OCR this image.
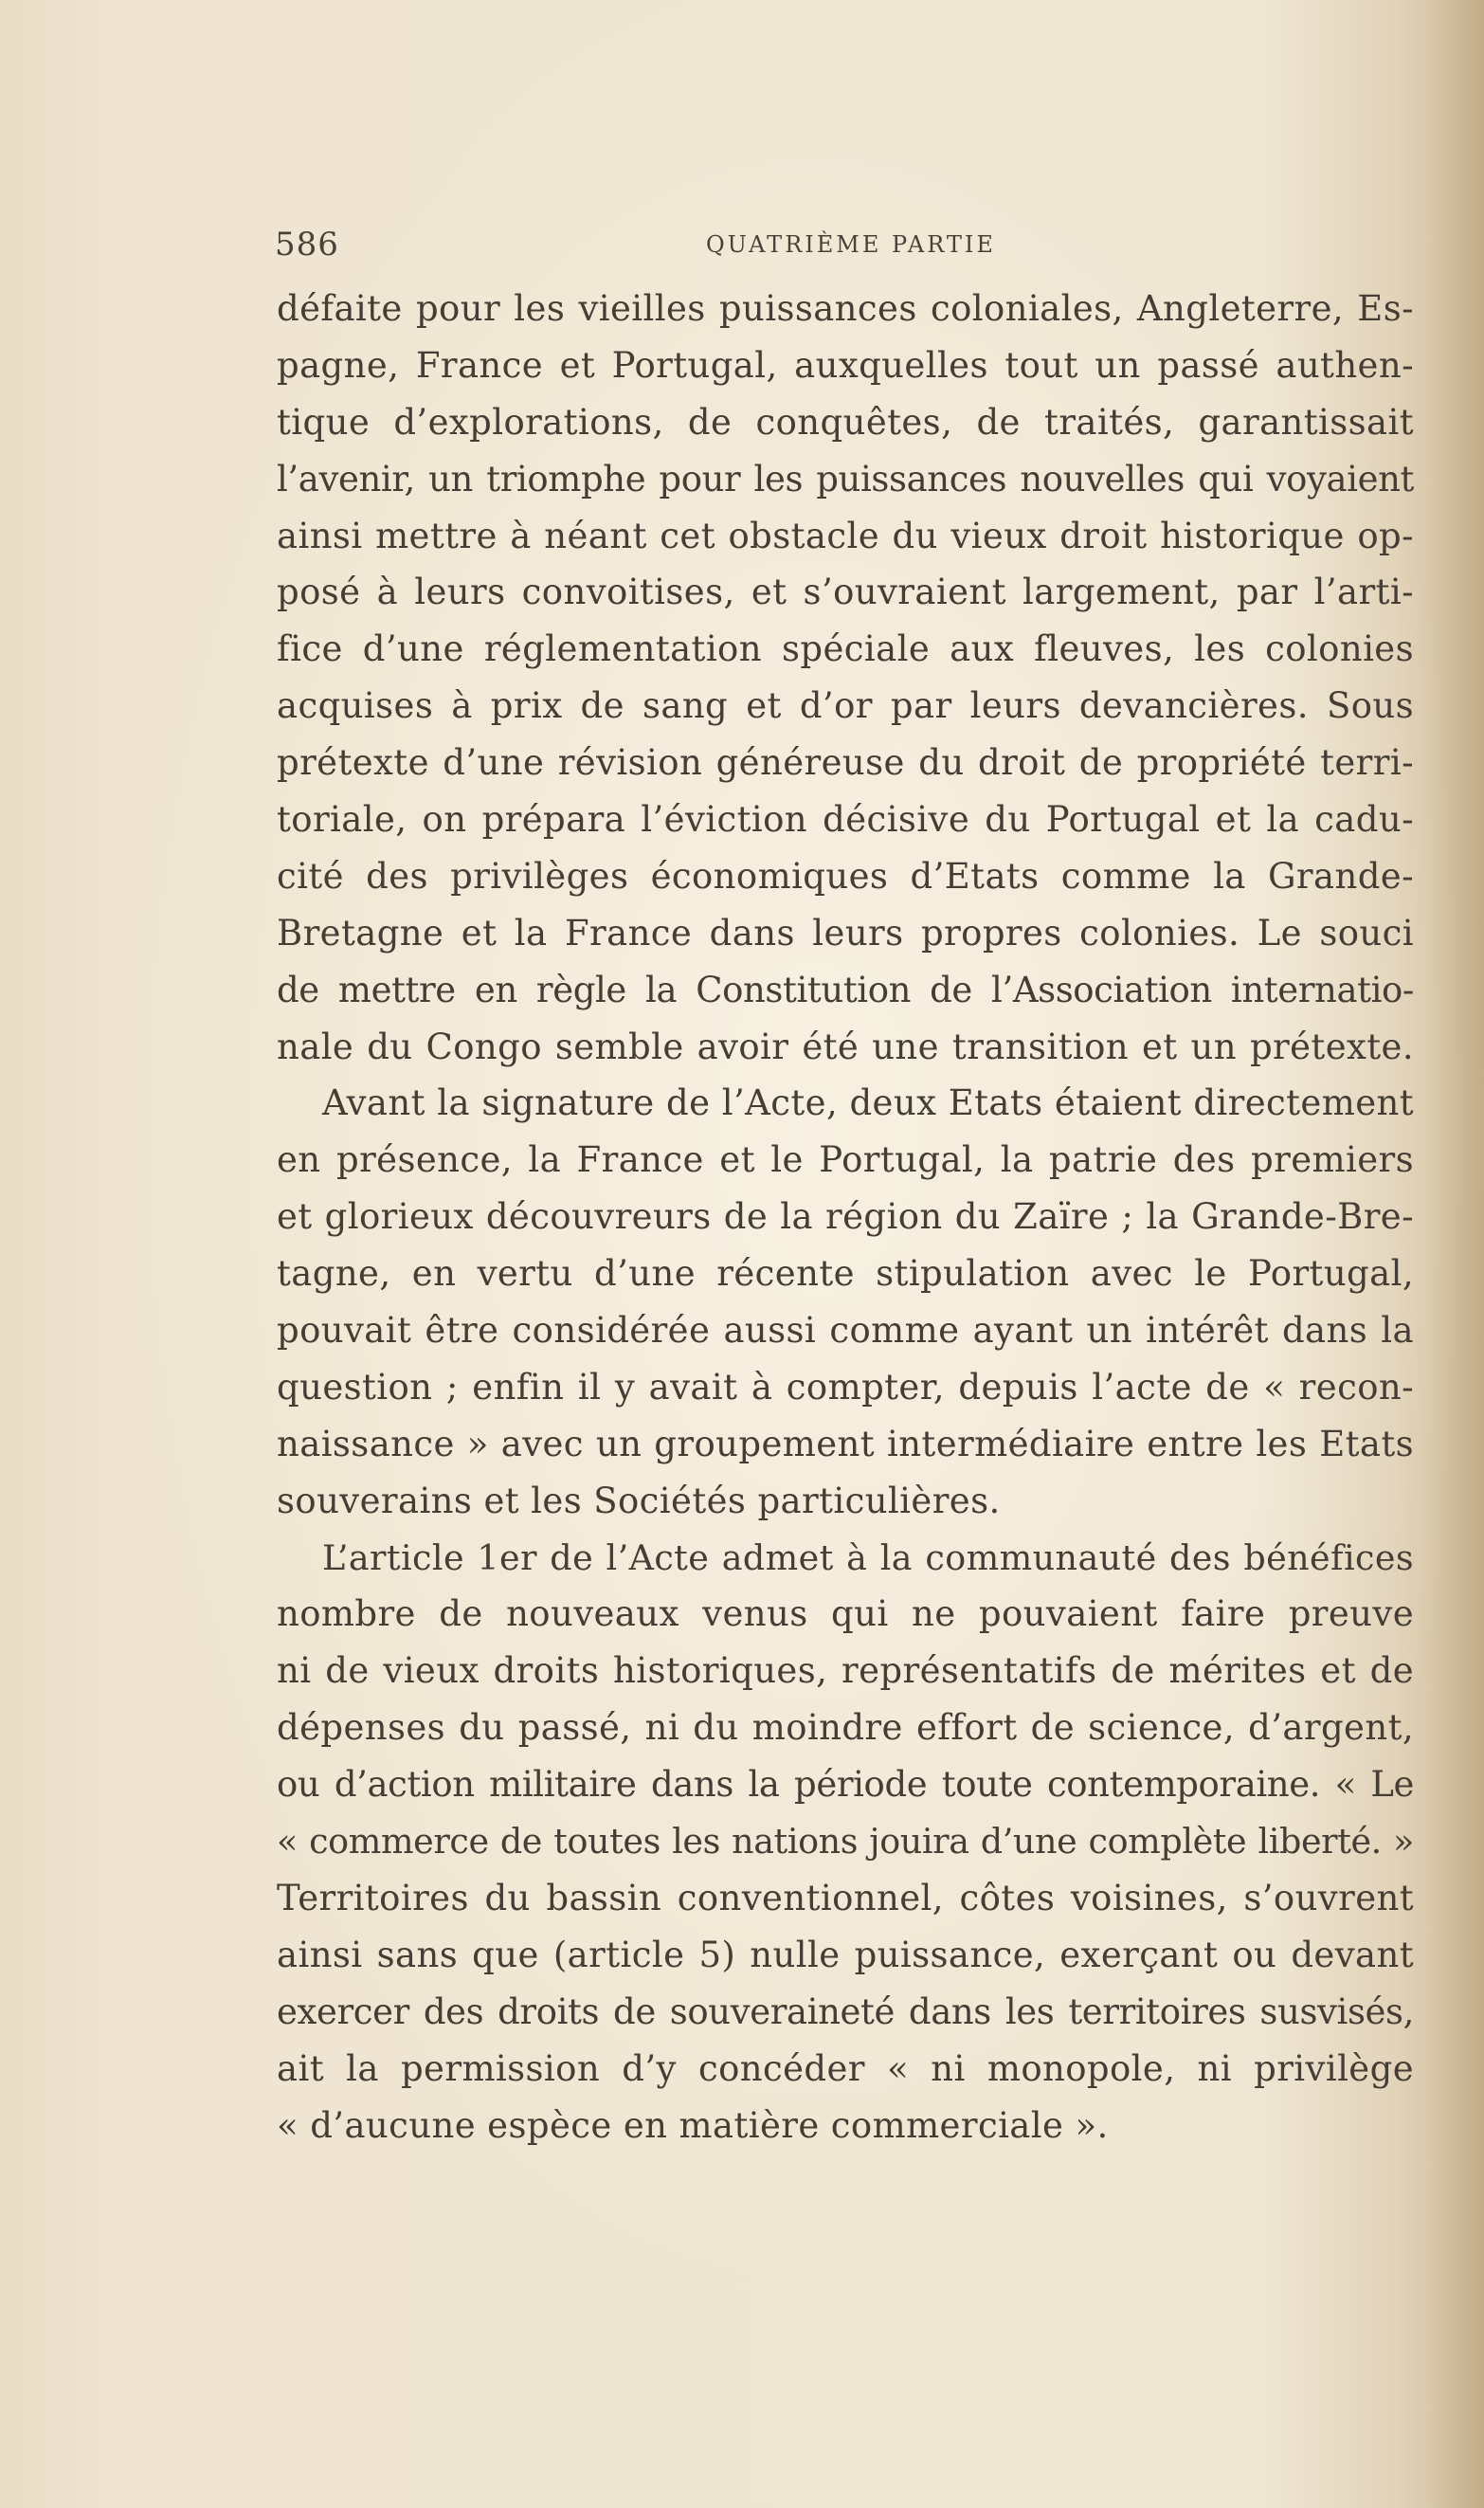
586	QUATRIÈME PARTIE
défaite pour les vieilles puissances coloniales, Angleterre, Es-
pagne, France et Portugal, auxquelles tout un passé authen-
tique d’explorations, de conquêtes, de traités, garantissait
l’avenir, un triomphe pour les puissances nouvelles qui voyaient
ainsi mettre à néant cet obstacle du vieux droit historique op-
posé à leurs convoitises, et s’ouvraient largement, par l’arti-
fice d’une réglementation spéciale aux fleuves, les colonies
acquises à prix de sang et d’or par leurs devancières. Sous
prétexte d’une révision généreuse du droit de propriété terri-
toriale, on prépara l’éviction décisive du Portugal et la cadu-
cité des privilèges économiques d’Etats comme la Grande-
Bretagne et la France dans leurs propres colonies. Le souci
de mettre en règle la Constitution de l’Association internatio-
nale du Congo semble avoir été une transition et un prétexte.
Avant la signature de l’Acte, deux Etats étaient directement
en présence, la France et le Portugal, la patrie des premiers
et glorieux découvreurs de la région du Zaïre ; la Grande-Bre-
tagne, en vertu d’une récente stipulation avec le Portugal,
pouvait être considérée aussi comme ayant un intérêt dans la
question ; enfin il y avait à compter, depuis l’acte de « recon-
naissance » avec un groupement intermédiaire entre les Etats
souverains et les Sociétés particulières.
L’article 1er de l’Acte admet à la communauté des bénéfices
nombre de nouveaux venus qui ne pouvaient faire preuve
ni de vieux droits historiques, représentatifs de mérites et de
dépenses du passé, ni du moindre effort de science, d’argent,
ou d’action militaire dans la période toute contemporaine. « Le
« commerce de toutes les nations jouira d’une complète liberté. »
Territoires du bassin conventionnel, côtes voisines, s’ouvrent
ainsi sans que (article 5) nulle puissance, exerçant ou devant
exercer des droits de souveraineté dans les territoires susvisés,
ait la permission d’y concéder « ni monopole, ni privilège
« d’aucune espèce en matière commerciale ».
